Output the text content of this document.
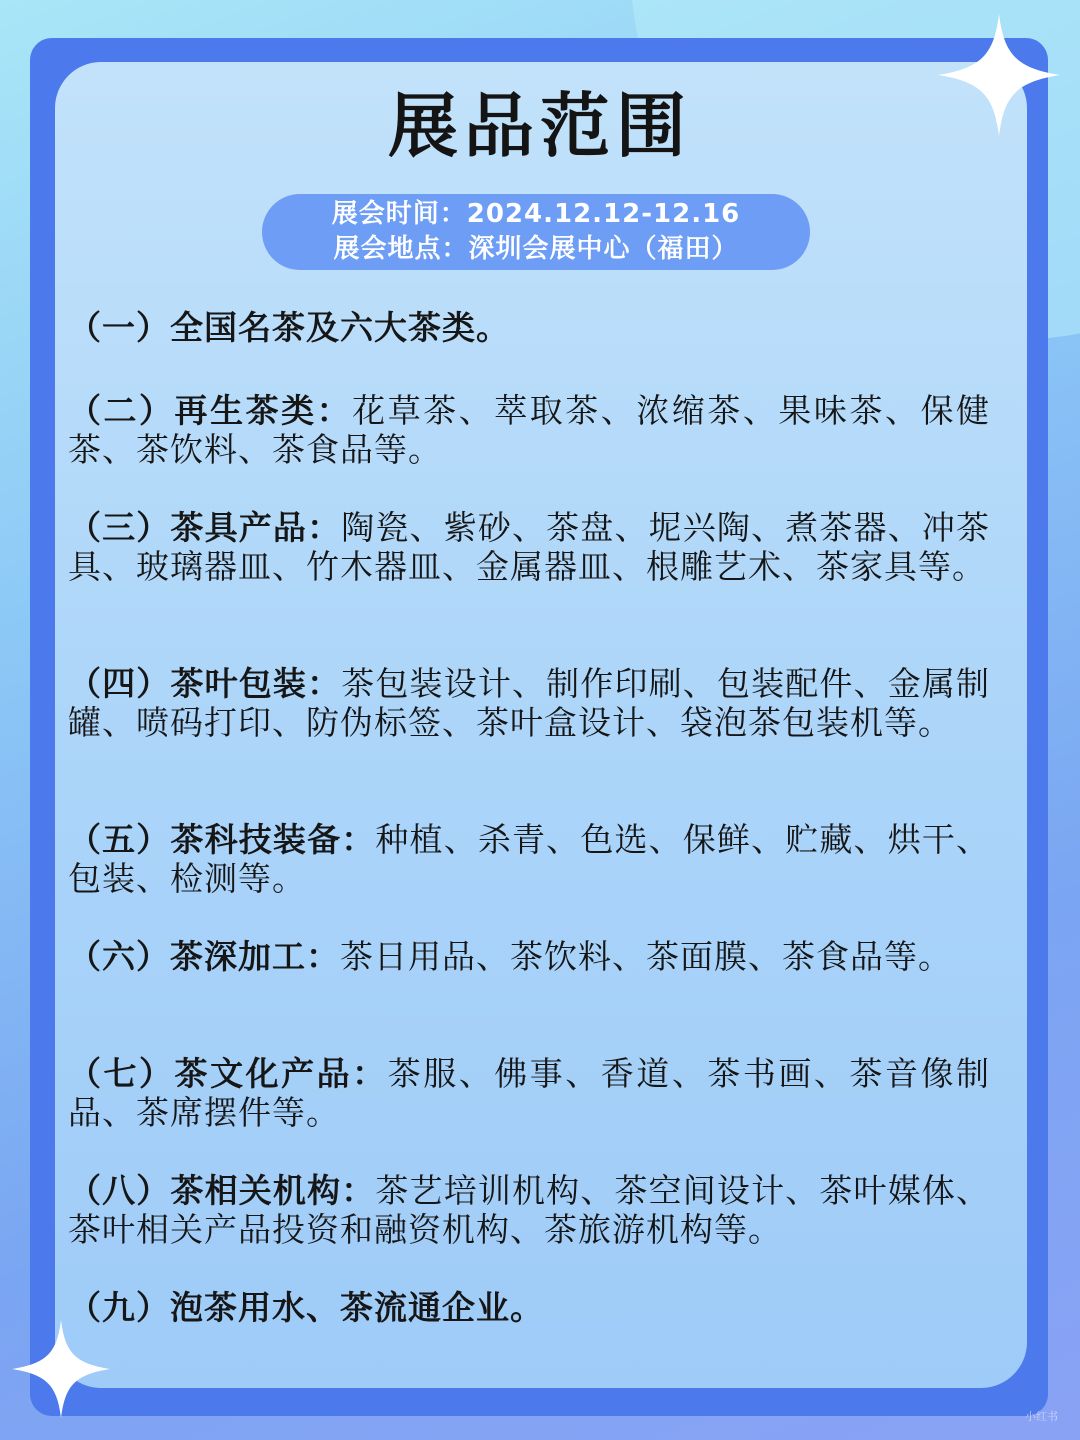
展品范围
展会时间：2024.12.12-12.16
展会地点：深圳会展中心（福田）
（一）全国名茶及六大茶类。
（二）再生茶类：花草茶、萃取茶、浓缩茶、果味茶、保健茶、茶饮料、茶食品等。
（三）茶具产品：陶瓷、紫砂、茶盘、坭兴陶、煮茶器、冲茶具、玻璃器皿、竹木器皿、金属器皿、根雕艺术、茶家具等。
（四）茶叶包装：茶包装设计、制作印刷、包装配件、金属制罐、喷码打印、防伪标签、茶叶盒设计、袋泡茶包装机等。
（五）茶科技装备：种植、杀青、色选、保鲜、贮藏、烘干、包装、检测等。
（六）茶深加工：茶日用品、茶饮料、茶面膜、茶食品等。
（七）茶文化产品：茶服、佛事、香道、茶书画、茶音像制品、茶席摆件等。
（八）茶相关机构：茶艺培训机构、茶空间设计、茶叶媒体、茶叶相关产品投资和融资机构、茶旅游机构等。
（九）泡茶用水、茶流通企业。
小红书
